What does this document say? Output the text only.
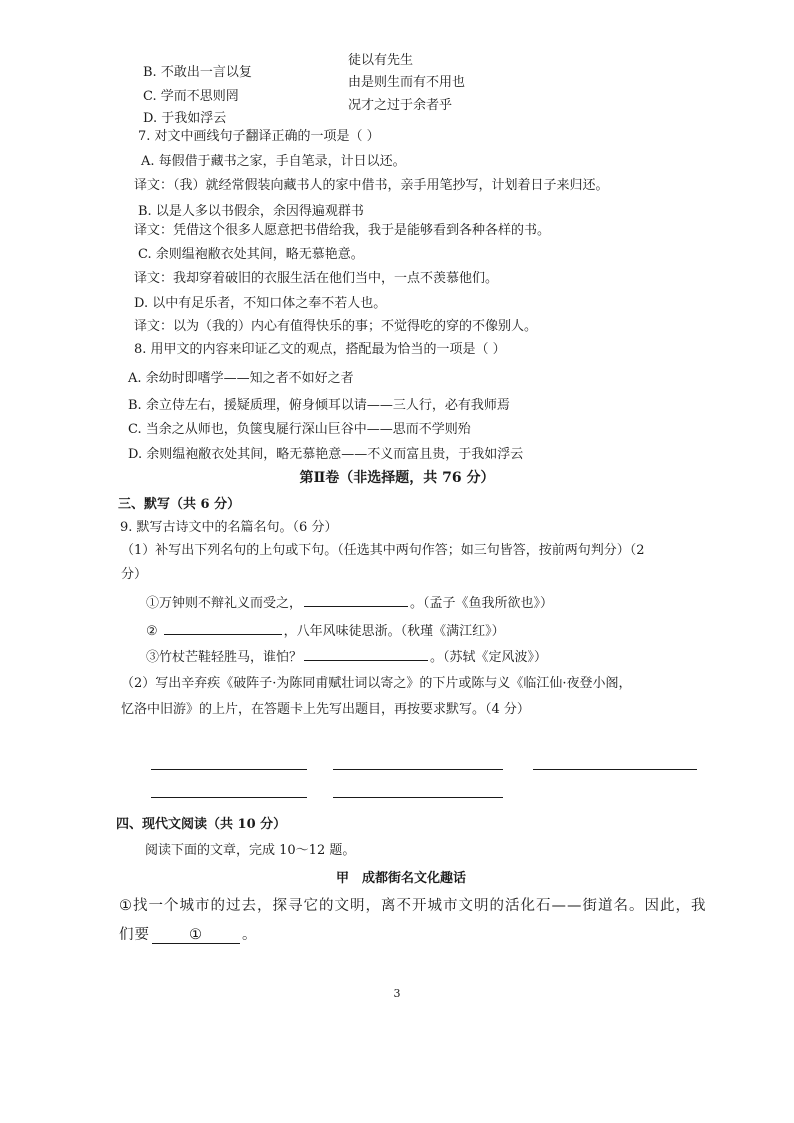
B. 不敢出一言以复
C. 学而不思则罔
D. 于我如浮云
徒以有先生
由是则生而有不用也
况才之过于余者乎
7. 对文中画线句子翻译正确的一项是（ ）
A. 每假借于藏书之家，手自笔录，计日以还。
译文：（我）就经常假装向藏书人的家中借书，亲手用笔抄写，计划着日子来归还。
B. 以是人多以书假余，余因得遍观群书
译文：凭借这个很多人愿意把书借给我，我于是能够看到各种各样的书。
C. 余则缊袍敝衣处其间，略无慕艳意。
译文：我却穿着破旧的衣服生活在他们当中，一点不羡慕他们。
D. 以中有足乐者，不知口体之奉不若人也。
译文：以为（我的）内心有值得快乐的事；不觉得吃的穿的不像别人。
8. 用甲文的内容来印证乙文的观点，搭配最为恰当的一项是（ ）
A. 余幼时即嗜学——知之者不如好之者
B. 余立侍左右，援疑质理，俯身倾耳以请——三人行，必有我师焉
C. 当余之从师也，负箧曳屣行深山巨谷中——思而不学则殆
D. 余则缊袍敝衣处其间，略无慕艳意——不义而富且贵，于我如浮云
第Ⅱ卷（非选择题，共 76 分）
三、默写（共 6 分）
9. 默写古诗文中的名篇名句。（6 分）
（1）补写出下列名句的上句或下句。（任选其中两句作答；如三句皆答，按前两句判分）（2
分）
①万钟则不辩礼义而受之，	。（孟子《鱼我所欲也》）
②	，八年风味徒思浙。（秋瑾《满江红》）
③竹杖芒鞋轻胜马，谁怕？	。（苏轼《定风波》）
（2）写出辛弃疾《破阵子·为陈同甫赋壮词以寄之》的下片或陈与义《临江仙·夜登小阁，
忆洛中旧游》的上片，在答题卡上先写出题目，再按要求默写。（4 分）
四、现代文阅读（共 10 分）
阅读下面的文章，完成 10～12 题。
甲　成都街名文化趣话
①找一个城市的过去，探寻它的文明，离不开城市文明的活化石——街道名。因此，我
们要	①	。
3
